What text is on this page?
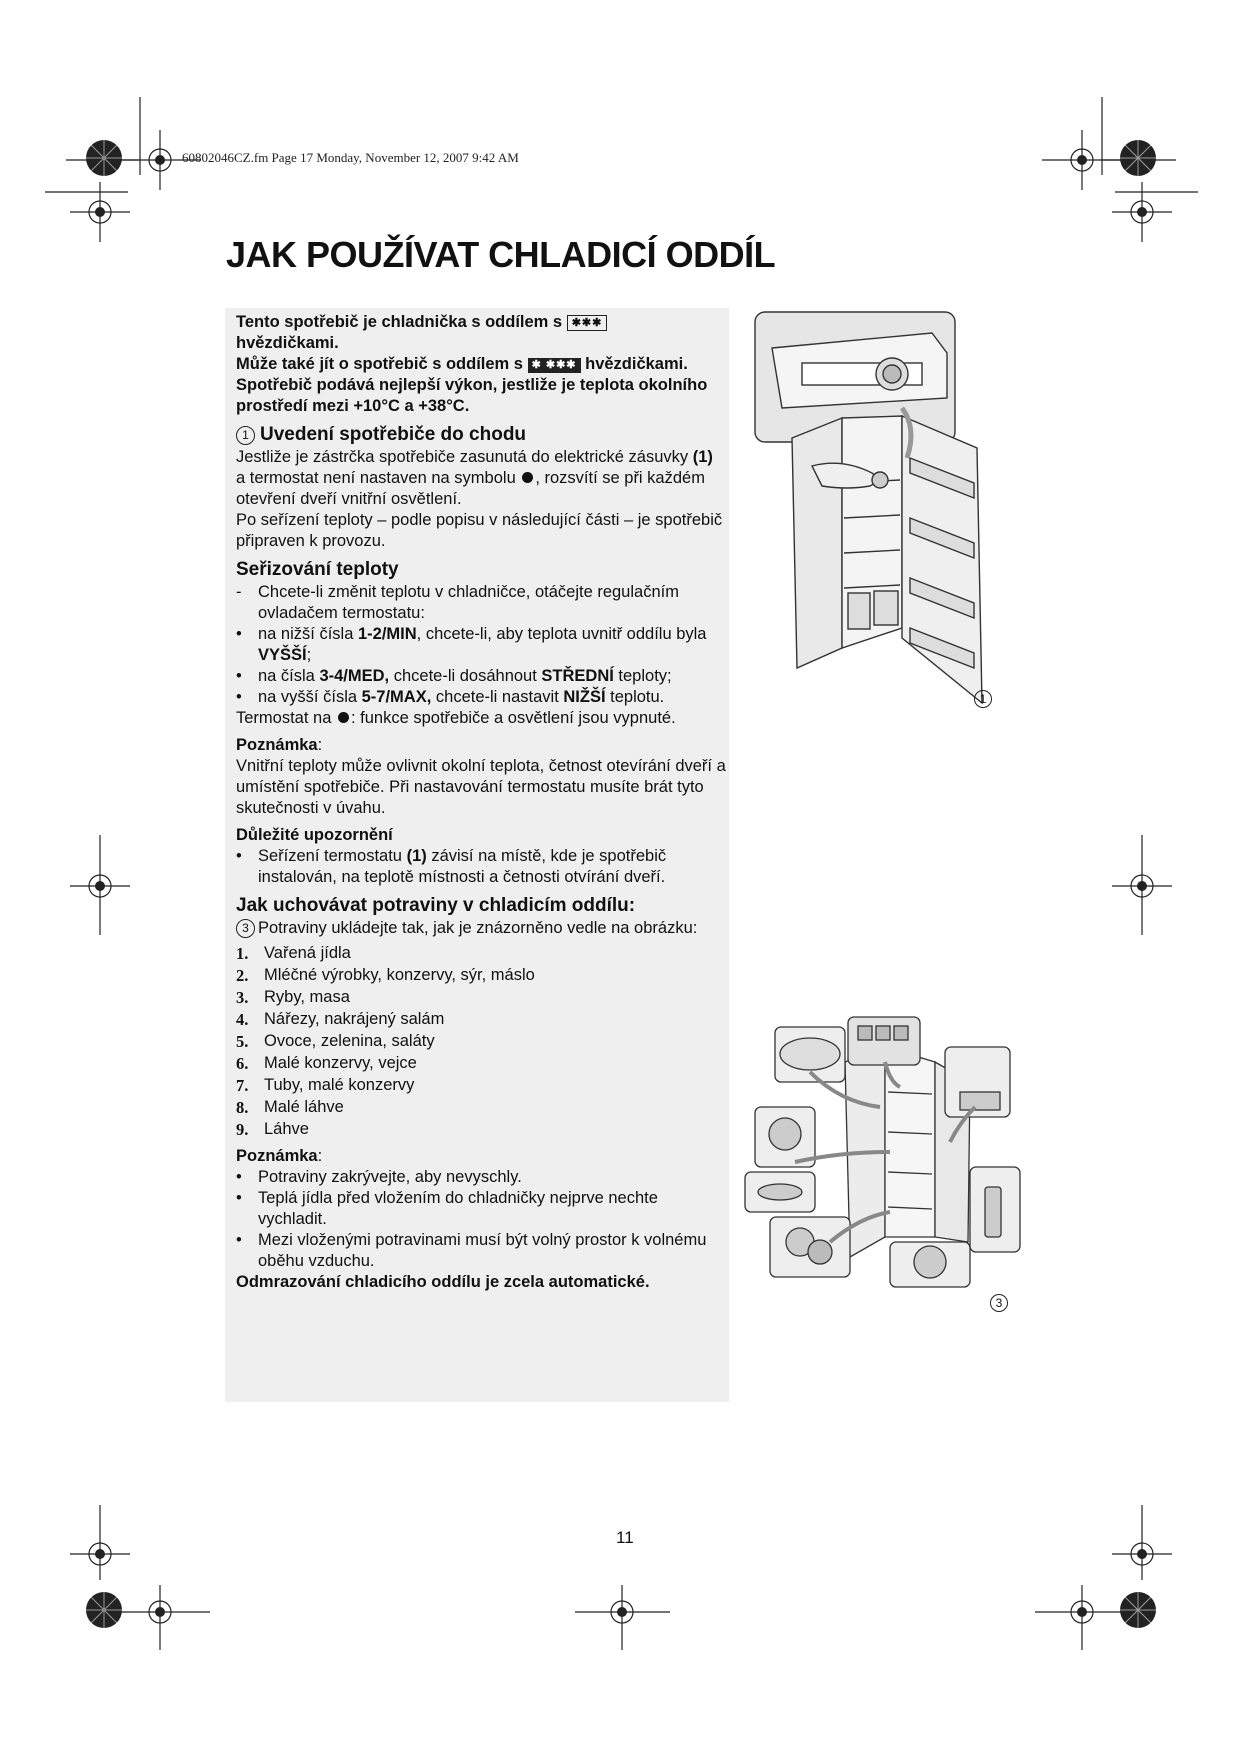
60802046CZ.fm Page 17 Monday, November 12, 2007 9:42 AM
JAK POUŽÍVAT CHLADICÍ ODDÍL
Tento spotřebič je chladnička s oddílem s ✱✱✱
hvězdičkami.
Může také jít o spotřebič s oddílem s ✱ ✱✱✱ hvězdičkami.
Spotřebič podává nejlepší výkon, jestliže je teplota okolního prostředí mezi +10°C a +38°C.
1 Uvedení spotřebiče do chodu
Jestliže je zástrčka spotřebiče zasunutá do elektrické zásuvky (1) a termostat není nastaven na symbolu , rozsvítí se při každém otevření dveří vnitřní osvětlení.
Po seřízení teploty – podle popisu v následující části – je spotřebič připraven k provozu.
Seřizování teploty
- Chcete-li změnit teplotu v chladničce, otáčejte regulačním ovladačem termostatu:
• na nižší čísla 1-2/MIN, chcete-li, aby teplota uvnitř oddílu byla VYŠŠÍ;
• na čísla 3-4/MED, chcete-li dosáhnout STŘEDNÍ teploty;
• na vyšší čísla 5-7/MAX, chcete-li nastavit NIŽŠÍ teplotu.
Termostat na : funkce spotřebiče a osvětlení jsou vypnuté.
Poznámka:
Vnitřní teploty může ovlivnit okolní teplota, četnost otevírání dveří a umístění spotřebiče. Při nastavování termostatu musíte brát tyto skutečnosti v úvahu.
Důležité upozornění
• Seřízení termostatu (1) závisí na místě, kde je spotřebič instalován, na teplotě místnosti a četnosti otvírání dveří.
Jak uchovávat potraviny v chladicím oddílu:
3 Potraviny ukládejte tak, jak je znázorněno vedle na obrázku:
1. Vařená jídla
2. Mléčné výrobky, konzervy, sýr, máslo
3. Ryby, masa
4. Nářezy, nakrájený salám
5. Ovoce, zelenina, saláty
6. Malé konzervy, vejce
7. Tuby, malé konzervy
8. Malé láhve
9. Láhve
Poznámka:
• Potraviny zakrývejte, aby nevyschly.
• Teplá jídla před vložením do chladničky nejprve nechte vychladit.
• Mezi vloženými potravinami musí být volný prostor k volnému oběhu vzduchu.
Odmrazování chladicího oddílu je zcela automatické.
1
3
11
